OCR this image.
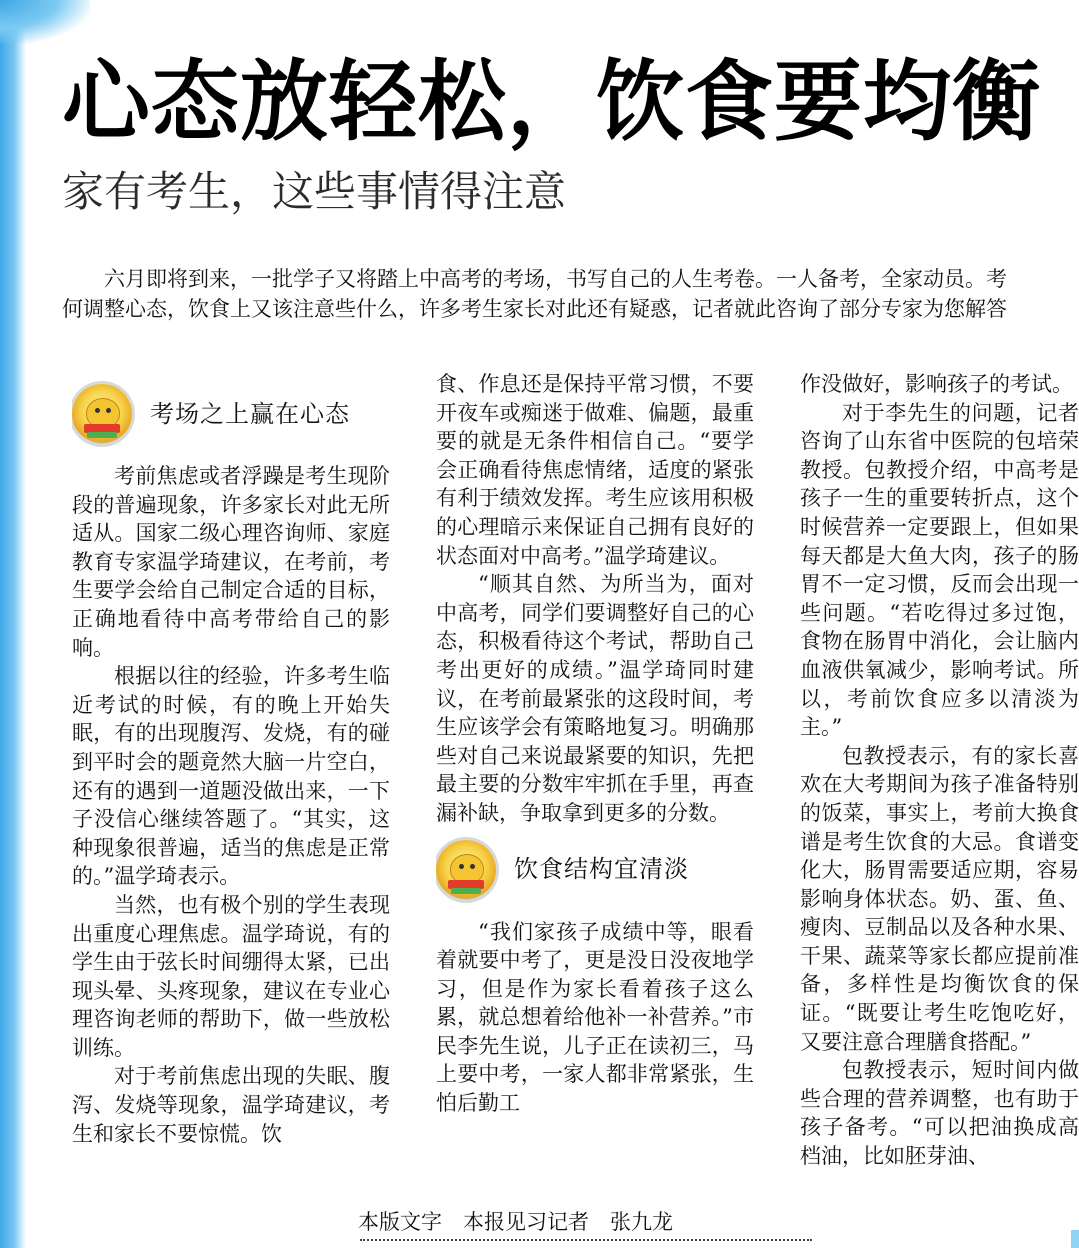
心态放轻松，饮食要均衡
家有考生，这些事情得注意
　　六月即将到来，一批学子又将踏上中高考的考场，书写自己的人生考卷。一人备考，全家动员。考
何调整心态，饮食上又该注意些什么，许多考生家长对此还有疑惑，记者就此咨询了部分专家为您解答
考场之上赢在心态

考前焦虑或者浮躁是考生现阶段的普遍现象，许多家长对此无所适从。国家二级心理咨询师、家庭教育专家温学琦建议，在考前，考生要学会给自己制定合适的目标，正确地看待中高考带给自己的影响。

根据以往的经验，许多考生临近考试的时候，有的晚上开始失眠，有的出现腹泻、发烧，有的碰到平时会的题竟然大脑一片空白，还有的遇到一道题没做出来，一下子没信心继续答题了。“其实，这种现象很普遍，适当的焦虑是正常的。”温学琦表示。

当然，也有极个别的学生表现出重度心理焦虑。温学琦说，有的学生由于弦长时间绷得太紧，已出现头晕、头疼现象，建议在专业心理咨询老师的帮助下，做一些放松训练。

对于考前焦虑出现的失眠、腹泻、发烧等现象，温学琦建议，考生和家长不要惊慌。饮

食、作息还是保持平常习惯，不要开夜车或痴迷于做难、偏题，最重要的就是无条件相信自己。“要学会正确看待焦虑情绪，适度的紧张有利于绩效发挥。考生应该用积极的心理暗示来保证自己拥有良好的状态面对中高考。”温学琦建议。

“顺其自然、为所当为，面对中高考，同学们要调整好自己的心态，积极看待这个考试，帮助自己考出更好的成绩。”温学琦同时建议，在考前最紧张的这段时间，考生应该学会有策略地复习。明确那些对自己来说最紧要的知识，先把最主要的分数牢牢抓在手里，再查漏补缺，争取拿到更多的分数。

饮食结构宜清淡

“我们家孩子成绩中等，眼看着就要中考了，更是没日没夜地学习，但是作为家长看着孩子这么累，就总想着给他补一补营养。”市民李先生说，儿子正在读初三，马上要中考，一家人都非常紧张，生怕后勤工

作没做好，影响孩子的考试。

对于李先生的问题，记者咨询了山东省中医院的包培荣教授。包教授介绍，中高考是孩子一生的重要转折点，这个时候营养一定要跟上，但如果每天都是大鱼大肉，孩子的肠胃不一定习惯，反而会出现一些问题。“若吃得过多过饱，食物在肠胃中消化，会让脑内血液供氧减少，影响考试。所以，考前饮食应多以清淡为主。”

包教授表示，有的家长喜欢在大考期间为孩子准备特别的饭菜，事实上，考前大换食谱是考生饮食的大忌。食谱变化大，肠胃需要适应期，容易影响身体状态。奶、蛋、鱼、瘦肉、豆制品以及各种水果、干果、蔬菜等家长都应提前准备，多样性是均衡饮食的保证。“既要让考生吃饱吃好，又要注意合理膳食搭配。”

包教授表示，短时间内做些合理的营养调整，也有助于孩子备考。“可以把油换成高档油，比如胚芽油、

本版文字　本报见习记者　张九龙
